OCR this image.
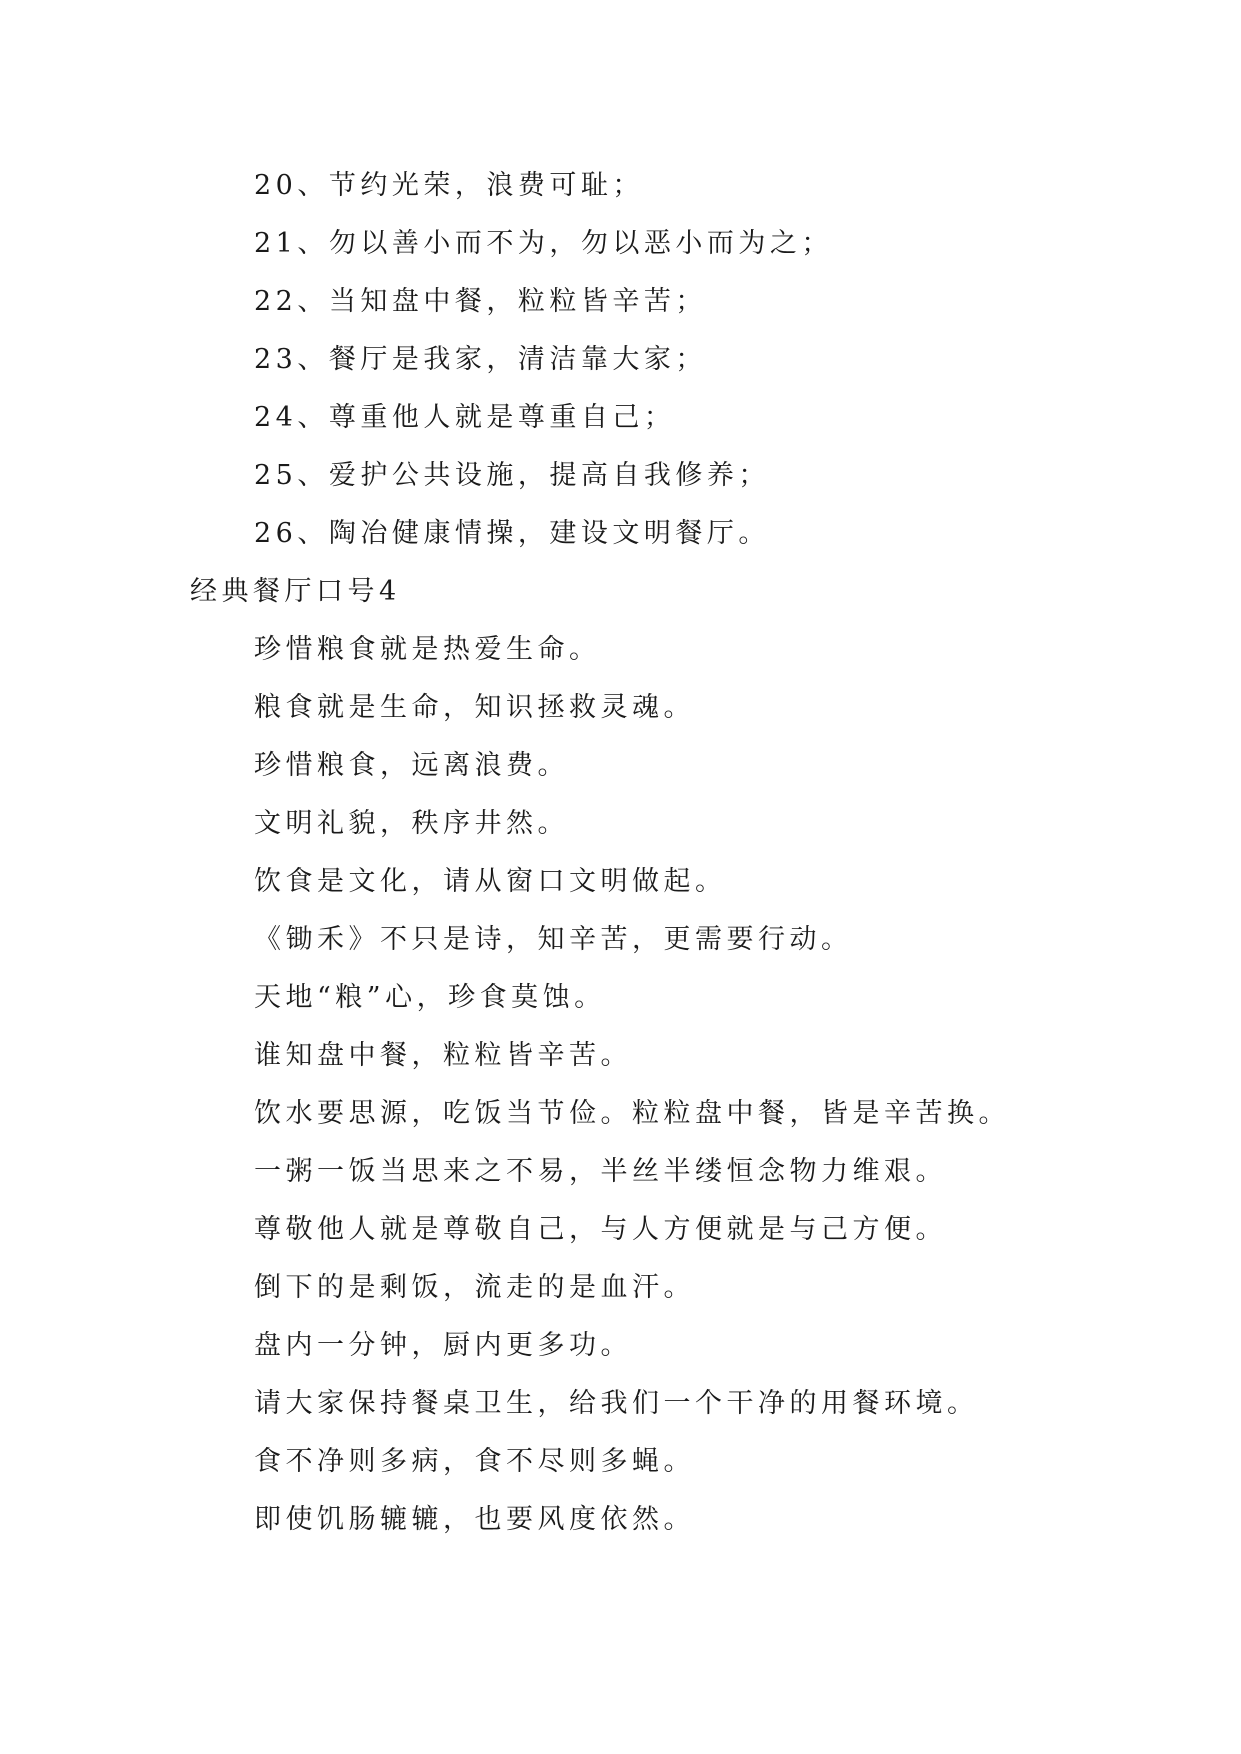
20、节约光荣，浪费可耻；
21、勿以善小而不为，勿以恶小而为之；
22、当知盘中餐，粒粒皆辛苦；
23、餐厅是我家，清洁靠大家；
24、尊重他人就是尊重自己；
25、爱护公共设施，提高自我修养；
26、陶冶健康情操，建设文明餐厅。
经典餐厅口号4
珍惜粮食就是热爱生命。
粮食就是生命，知识拯救灵魂。
珍惜粮食，远离浪费。
文明礼貌，秩序井然。
饮食是文化，请从窗口文明做起。
《锄禾》不只是诗，知辛苦，更需要行动。
天地“粮”心，珍食莫蚀。
谁知盘中餐，粒粒皆辛苦。
饮水要思源，吃饭当节俭。粒粒盘中餐，皆是辛苦换。
一粥一饭当思来之不易，半丝半缕恒念物力维艰。
尊敬他人就是尊敬自己，与人方便就是与己方便。
倒下的是剩饭，流走的是血汗。
盘内一分钟，厨内更多功。
请大家保持餐桌卫生，给我们一个干净的用餐环境。
食不净则多病，食不尽则多蝇。
即使饥肠辘辘，也要风度依然。
